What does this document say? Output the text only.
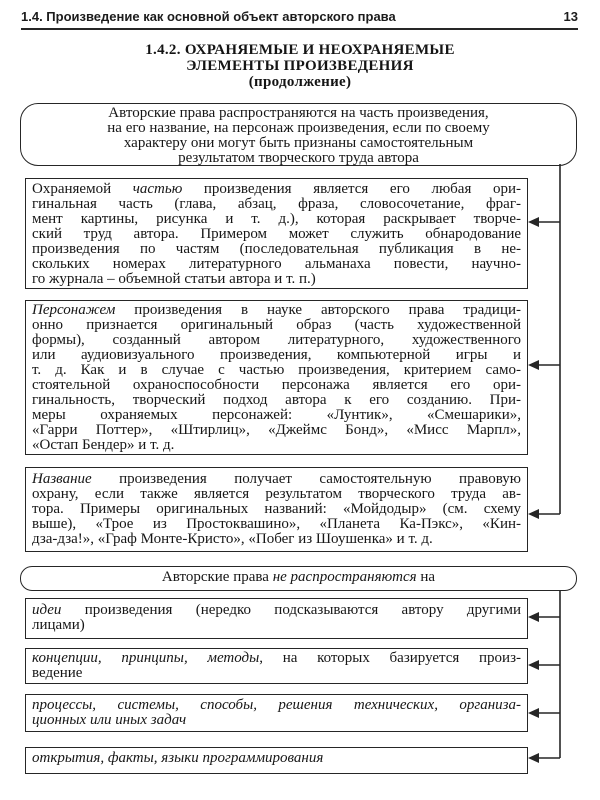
1.4. Произведение как основной объект авторского права	13
1.4.2. ОХРАНЯЕМЫЕ И НЕОХРАНЯЕМЫЕ
ЭЛЕМЕНТЫ ПРОИЗВЕДЕНИЯ
(продолжение)
Авторские права распространяются на часть произведения,
на его название, на персонаж произведения, если по своему
характеру они могут быть признаны самостоятельным
результатом творческого труда автора
Охраняемой частью произведения является его любая ори-
гинальная часть (глава, абзац, фраза, словосочетание, фраг-
мент картины, рисунка и т. д.), которая раскрывает творче-
ский труд автора. Примером может служить обнародование
произведения по частям (последовательная публикация в не-
скольких номерах литературного альманаха повести, научно-
го журнала – объемной статьи автора и т. п.)
Персонажем произведения в науке авторского права традици-
онно признается оригинальный образ (часть художественной
формы), созданный автором литературного, художественного
или аудиовизуального произведения, компьютерной игры и
т. д. Как и в случае с частью произведения, критерием само-
стоятельной охраноспособности персонажа является его ори-
гинальность, творческий подход автора к его созданию. При-
меры охраняемых персонажей: «Лунтик», «Смешарики»,
«Гарри Поттер», «Штирлиц», «Джеймс Бонд», «Мисс Марпл»,
«Остап Бендер» и т. д.
Название произведения получает самостоятельную правовую
охрану, если также является результатом творческого труда ав-
тора. Примеры оригинальных названий: «Мойдодыр» (см. схему
выше), «Трое из Простоквашино», «Планета Ка-Пэкс», «Кин-
дза-дза!», «Граф Монте-Кристо», «Побег из Шоушенка» и т. д.
Авторские права не распространяются на
идеи произведения (нередко подсказываются автору другими
лицами)
концепции, принципы, методы, на которых базируется произ-
ведение
процессы, системы, способы, решения технических, организа-
ционных или иных задач
открытия, факты, языки программирования
